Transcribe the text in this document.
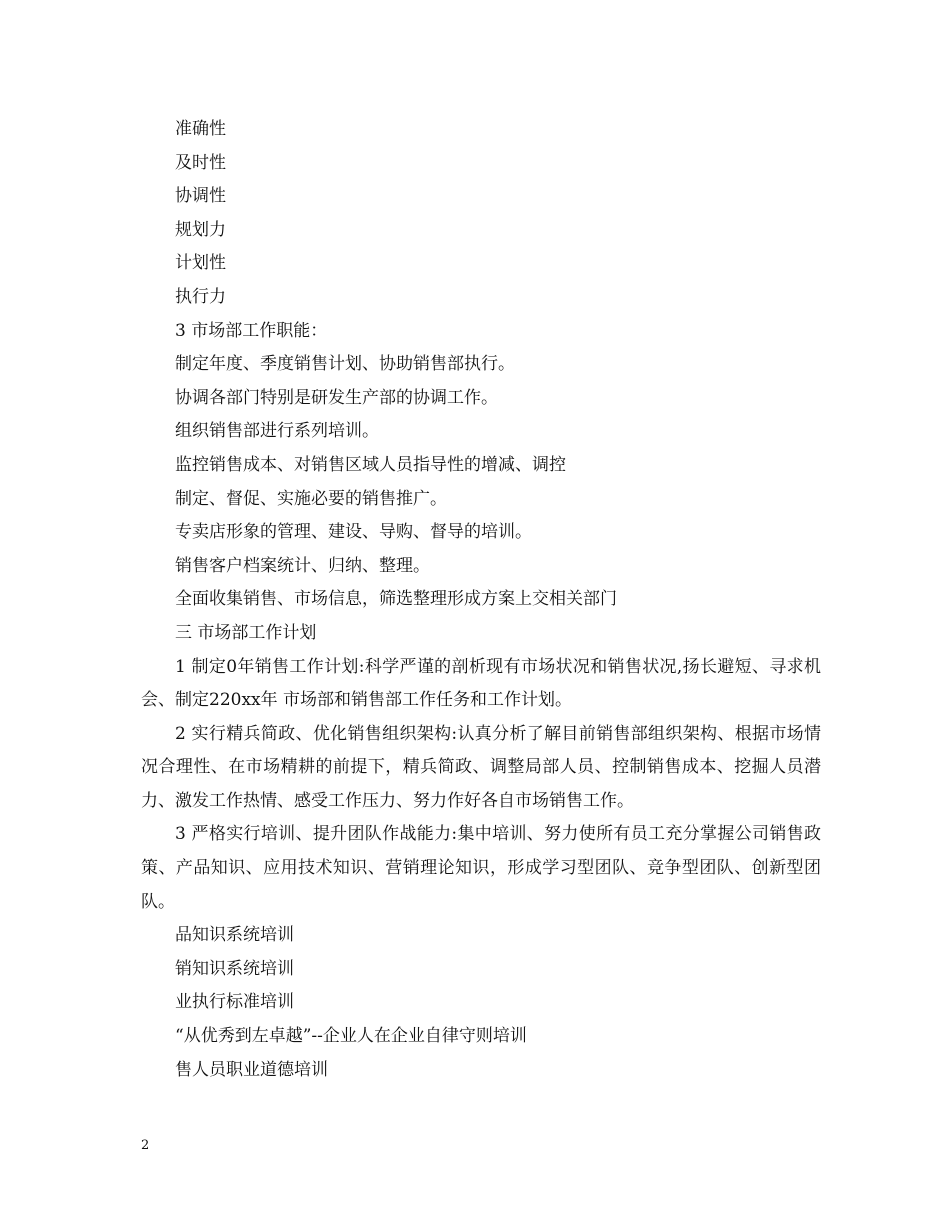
准确性
及时性
协调性
规划力
计划性
执行力
3 市场部工作职能：
制定年度、季度销售计划、协助销售部执行。
协调各部门特别是研发生产部的协调工作。
组织销售部进行系列培训。
监控销售成本、对销售区域人员指导性的增减、调控
制定、督促、实施必要的销售推广。
专卖店形象的管理、建设、导购、督导的培训。
销售客户档案统计、归纳、整理。
全面收集销售、市场信息，筛选整理形成方案上交相关部门
三 市场部工作计划
1 制定0年销售工作计划:科学严谨的剖析现有市场状况和销售状况,扬长避短、寻求机会、制定220xx年 市场部和销售部工作任务和工作计划。
2 实行精兵简政、优化销售组织架构:认真分析了解目前销售部组织架构、根据市场情况合理性、在市场精耕的前提下，精兵简政、调整局部人员、控制销售成本、挖掘人员潜力、激发工作热情、感受工作压力、努力作好各自市场销售工作。
3 严格实行培训、提升团队作战能力:集中培训、努力使所有员工充分掌握公司销售政策、产品知识、应用技术知识、营销理论知识，形成学习型团队、竞争型团队、创新型团队。
品知识系统培训
销知识系统培训
业执行标准培训
“从优秀到左卓越”--企业人在企业自律守则培训
售人员职业道德培训
2
